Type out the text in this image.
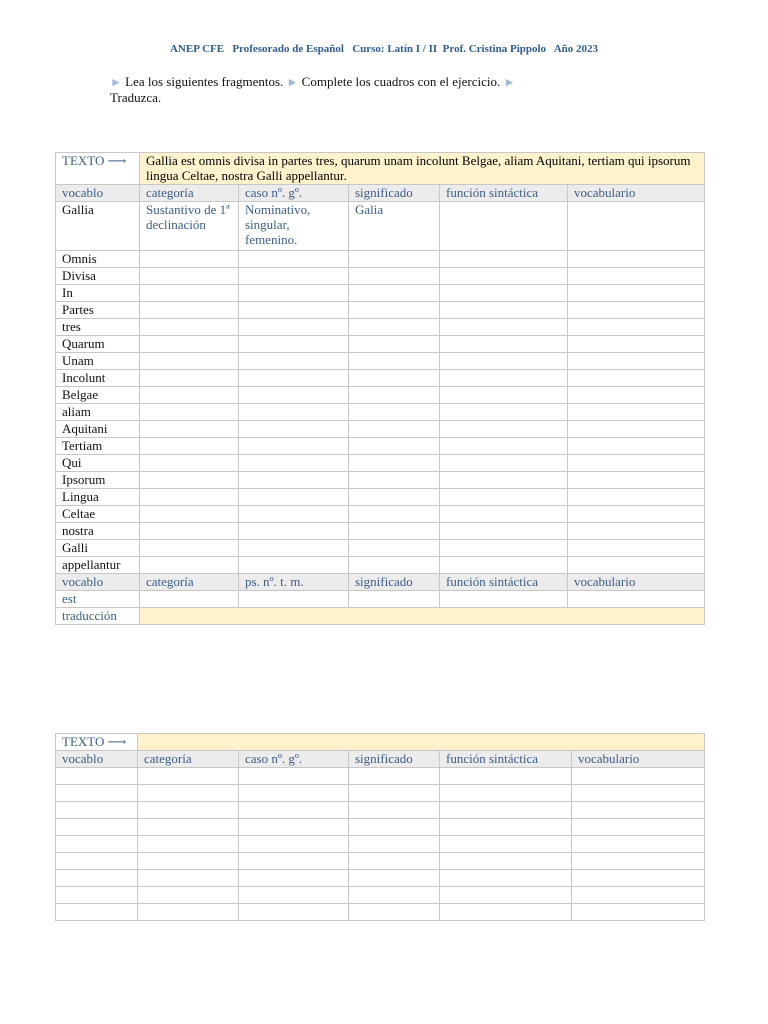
ANEP CFE   Profesorado de Español   Curso: Latín I / II  Prof. Cristina Pippolo   Año 2023
► Lea los siguientes fragmentos. ► Complete los cuadros con el ejercicio. ►
Traduzca.
TEXTO ⟶	Gallia est omnis divisa in partes tres, quarum unam incolunt Belgae, aliam Aquitani, tertiam qui ipsorum lingua Celtae, nostra Galli appellantur.				
vocablo	categoría	caso nº. gº.	significado	función sintáctica	vocabulario
Gallia	Sustantivo de 1ª declinación	Nominativo, singular, femenino.	Galia		
Omnis					
Divisa					
In					
Partes					
tres					
Quarum					
Unam					
Incolunt					
Belgae					
aliam					
Aquitani					
Tertiam					
Qui					
Ipsorum					
Lingua					
Celtae					
nostra					
Galli					
appellantur					
vocablo	categoría	ps. nº. t. m.	significado	función sintáctica	vocabulario
est					
traducción					
TEXTO ⟶					
vocablo	categoría	caso nº. gº.	significado	función sintáctica	vocabulario
